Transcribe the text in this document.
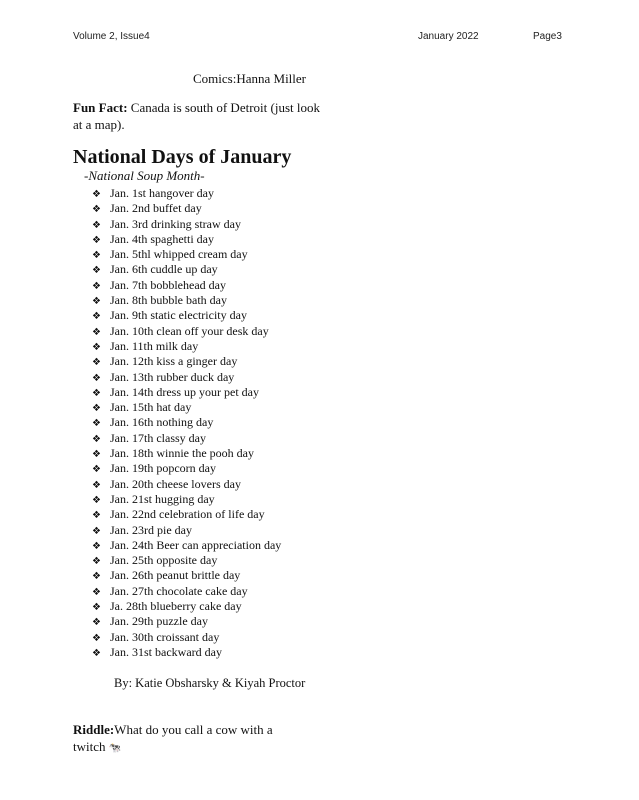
Volume 2, Issue4	January 2022	Page3
Comics:Hanna Miller
Fun Fact: Canada is south of Detroit (just look at a map).
National Days of January
-National Soup Month-
❖ Jan. 1st hangover day
❖ Jan. 2nd buffet day
❖ Jan. 3rd drinking straw day
❖ Jan. 4th spaghetti day
❖ Jan. 5thl whipped cream day
❖ Jan. 6th cuddle up day
❖ Jan. 7th bobblehead day
❖ Jan. 8th bubble bath day
❖ Jan. 9th static electricity day
❖ Jan. 10th clean off your desk day
❖ Jan. 11th milk day
❖ Jan. 12th kiss a ginger day
❖ Jan. 13th rubber duck day
❖ Jan. 14th dress up your pet day
❖ Jan. 15th hat day
❖ Jan. 16th nothing day
❖ Jan. 17th classy day
❖ Jan. 18th winnie the pooh day
❖ Jan. 19th popcorn day
❖ Jan. 20th cheese lovers day
❖ Jan. 21st hugging day
❖ Jan. 22nd celebration of life day
❖ Jan. 23rd pie day
❖ Jan. 24th Beer can appreciation day
❖ Jan. 25th opposite day
❖ Jan. 26th peanut brittle day
❖ Jan. 27th chocolate cake day
❖ Ja. 28th blueberry cake day
❖ Jan. 29th puzzle day
❖ Jan. 30th croissant day
❖ Jan. 31st backward day
By: Katie Obsharsky & Kiyah Proctor
Riddle:What do you call a cow with a twitch 🐄
